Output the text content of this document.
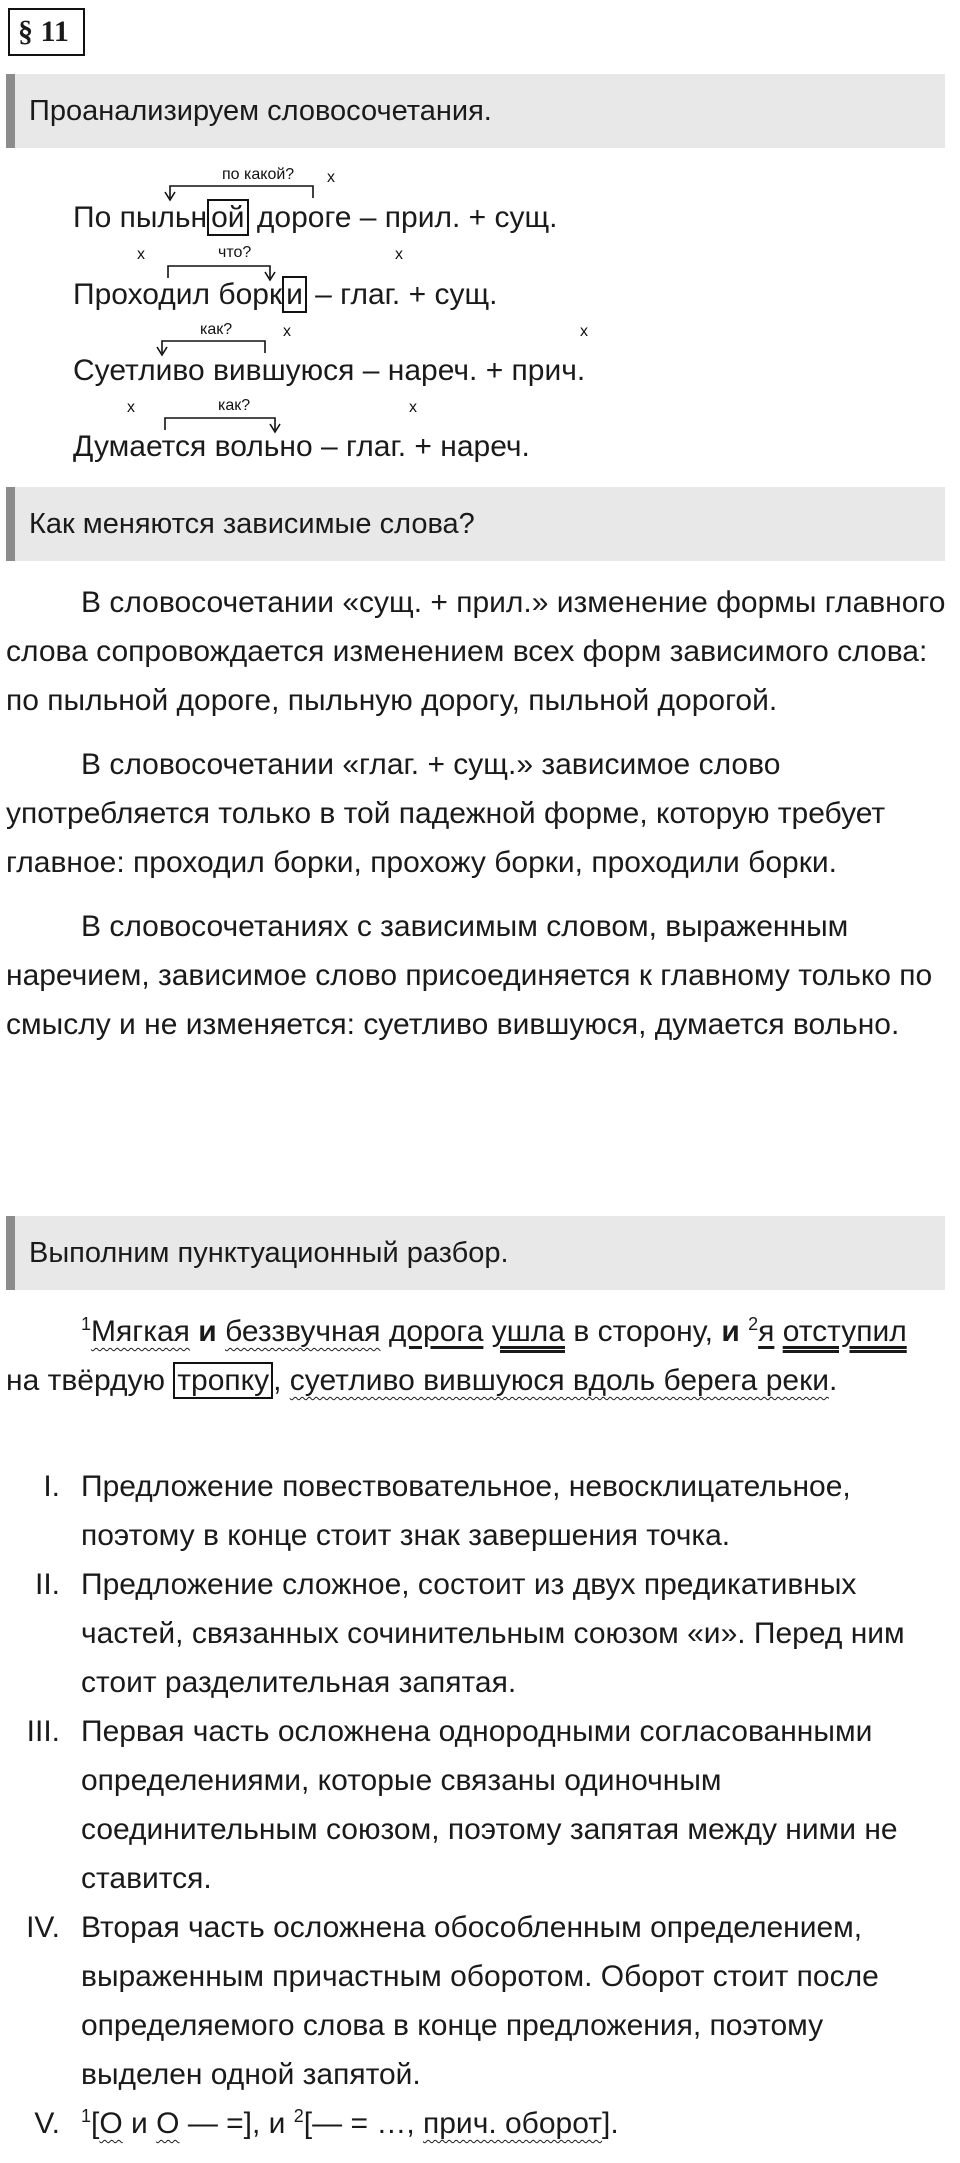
§ 11
Проанализируем словосочетания.
по какой? х
По пыльн ой дороге – прил. + сущ.
х	что?	х
Проходил борк и – глаг. + сущ.
как?	х	х
Суетливо вившуюся – нареч. + прич.
х	как?	х
Думается вольно – глаг. + нареч.
Как меняются зависимые слова?

В словосочетании «сущ. + прил.» изменение формы главного слова сопровождается изменением всех форм зависимого слова: по пыльной дороге, пыльную дорогу, пыльной дорогой.

В словосочетании «глаг. + сущ.» зависимое слово употребляется только в той падежной форме, которую требует главное: проходил борки, прохожу борки, проходили борки.

В словосочетаниях с зависимым словом, выраженным наречием, зависимое слово присоединяется к главному только по смыслу и не изменяется: суетливо вившуюся, думается вольно.

Выполним пунктуационный разбор.

$^1$Мягкая и беззвучная дорога ушла в сторону, и $^2$я отступил на твёрдую тропку , суетливо вившуюся вдоль берега реки.

I. Предложение повествовательное, невосклицательное, поэтому в конце стоит знак завершения точка.
II. Предложение сложное, состоит из двух предикативных частей, связанных сочинительным союзом «и». Перед ним стоит разделительная запятая.
III. Первая часть осложнена однородными согласованными определениями, которые связаны одиночным соединительным союзом, поэтому запятая между ними не ставится.
IV. Вторая часть осложнена обособленным определением, выраженным причастным оборотом. Оборот стоит после определяемого слова в конце предложения, поэтому выделен одной запятой.
V.	$^1$[О и О — =], и $^2$[— = …, прич. оборот].
